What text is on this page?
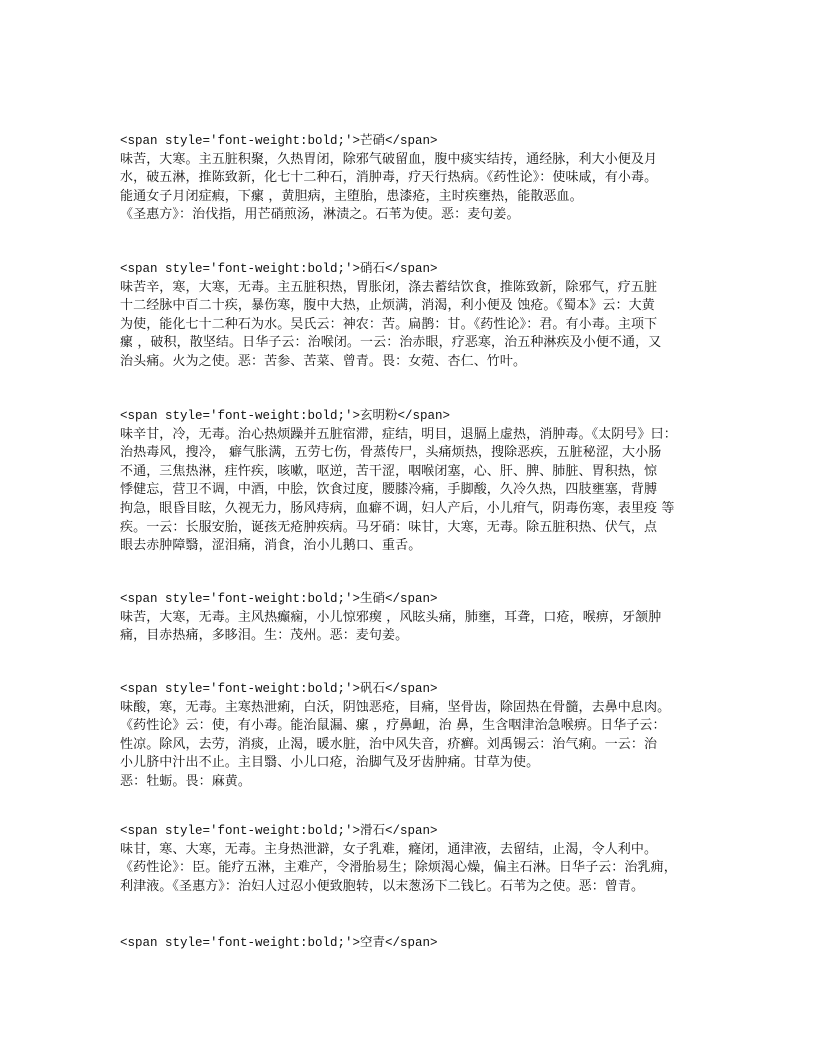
<span style='font-weight:bold;'>芒硝</span>
味苦，大寒。主五脏积聚，久热胃闭，除邪气破留血，腹中痰实结抟，通经脉，利大小便及月
水，破五淋，推陈致新，化七十二种石，消肿毒，疗天行热病。《药性论》：使味咸，有小毒。
能通女子月闭症瘕，下瘰 ，黄胆病，主堕胎，患漆疮，主时疾壅热，能散恶血。
《圣惠方》：治伐指，用芒硝煎汤，淋渍之。石苇为使。恶：麦句姜。
<span style='font-weight:bold;'>硝石</span>
味苦辛，寒，大寒，无毒。主五脏积热，胃胀闭，涤去蓄结饮食，推陈致新，除邪气，疗五脏
十二经脉中百二十疾，暴伤寒，腹中大热，止烦满，消渴，利小便及 蚀疮。《蜀本》云：大黄
为使，能化七十二种石为水。吴氏云：神农：苦。扁鹊：甘。《药性论》：君。有小毒。主项下
瘰 ，破积，散坚结。日华子云：治喉闭。一云：治赤眼，疗恶寒，治五种淋疾及小便不通，又
治头痛。火为之使。恶：苦参、苦菜、曾青。畏：女菀、杏仁、竹叶。
<span style='font-weight:bold;'>玄明粉</span>
味辛甘，冷，无毒。治心热烦躁并五脏宿滞，症结，明目，退膈上虚热，消肿毒。《太阴号》曰：
治热毒风，搜冷， 癖气胀满，五劳七伤，骨蒸传尸，头痛烦热，搜除恶疾，五脏秘涩，大小肠
不通，三焦热淋，疰忤疾，咳嗽，呕逆，苦干涩，咽喉闭塞，心、肝、脾、肺脏、胃积热，惊
悸健忘，营卫不调，中酒，中脍，饮食过度，腰膝冷痛，手脚酸，久冷久热，四肢壅塞，背膊
拘急，眼昏目眩，久视无力，肠风痔病，血癖不调，妇人产后，小儿疳气，阴毒伤寒，表里疫 等
疾。一云：长服安胎，诞孩无疮肿疾病。马牙硝：味甘，大寒，无毒。除五脏积热、伏气，点
眼去赤肿障翳，涩泪痛，消食，治小儿鹅口、重舌。
<span style='font-weight:bold;'>生硝</span>
味苦，大寒，无毒。主风热癫痫，小儿惊邪瘈 ，风眩头痛，肺壅，耳聋，口疮，喉痹，牙颔肿
痛，目赤热痛，多眵泪。生：茂州。恶：麦句姜。
<span style='font-weight:bold;'>矾石</span>
味酸，寒，无毒。主寒热泄痢，白沃，阴蚀恶疮，目痛，坚骨齿，除固热在骨髓，去鼻中息肉。
《药性论》云：使，有小毒。能治鼠漏、瘰 ，疗鼻衄，治 鼻，生含咽津治急喉痹。日华子云：
性凉。除风，去劳，消痰，止渴，暖水脏，治中风失音，疥癣。刘禹锡云：治气痢。一云：治
小儿脐中汁出不止。主目翳、小儿口疮，治脚气及牙齿肿痛。甘草为使。
恶：牡蛎。畏：麻黄。
<span style='font-weight:bold;'>滑石</span>
味甘，寒、大寒，无毒。主身热泄澼，女子乳难，癃闭，通津液，去留结，止渴，令人利中。
《药性论》：臣。能疗五淋，主难产，令滑胎易生；除烦渴心燥，偏主石淋。日华子云：治乳痈，
利津液。《圣惠方》：治妇人过忍小便致胞转，以末葱汤下二钱匕。石苇为之使。恶：曾青。
<span style='font-weight:bold;'>空青</span>
